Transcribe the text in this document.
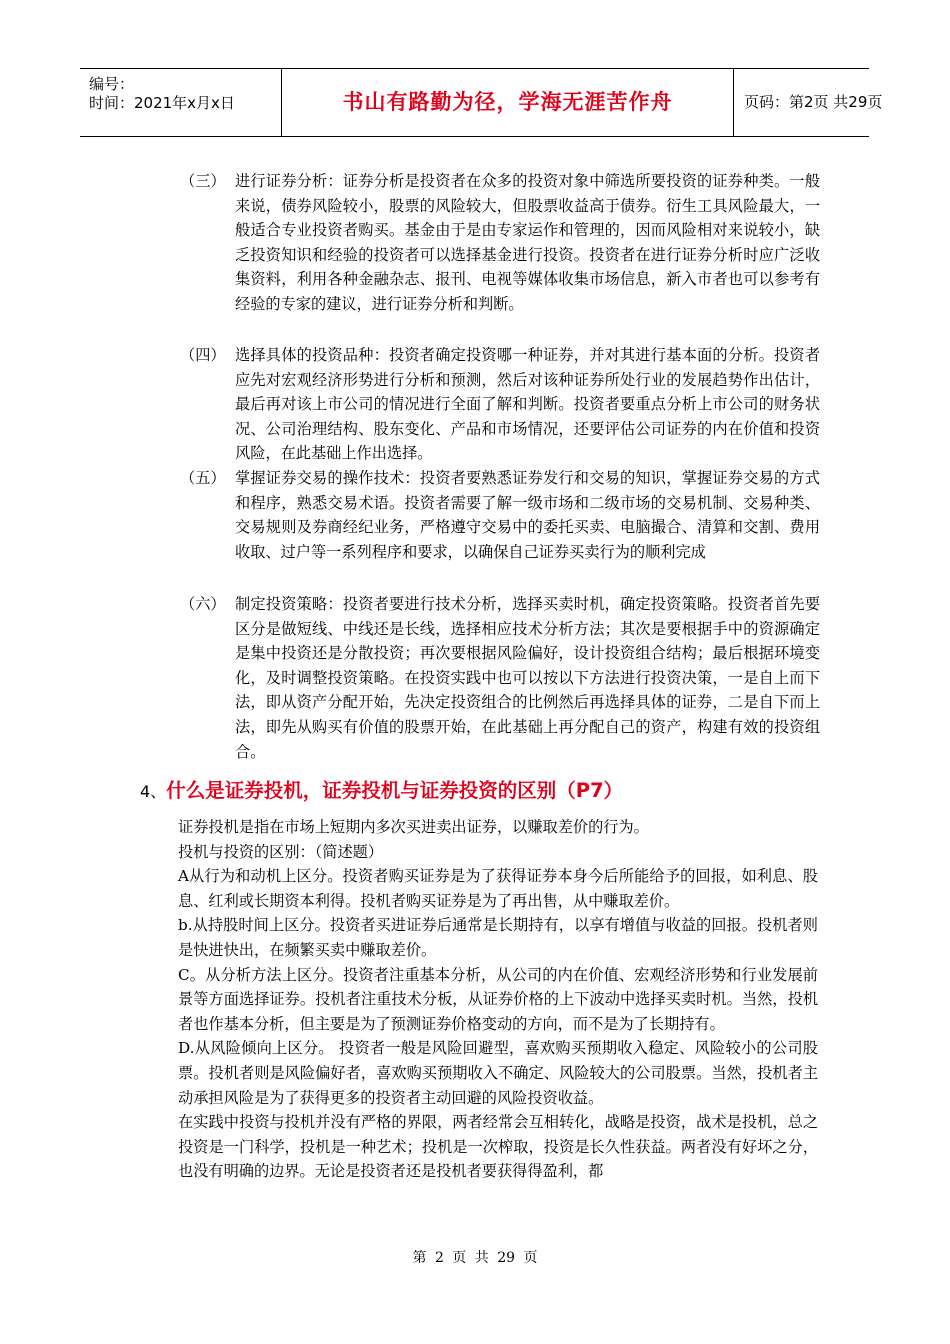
编号：
时间：2021年x月x日	书山有路勤为径，学海无涯苦作舟	页码：第2页 共29页
（三） 进行证券分析：证券分析是投资者在众多的投资对象中筛选所要投资的证券种类。一般来说，债券风险较小，股票的风险较大，但股票收益高于债券。衍生工具风险最大，一般适合专业投资者购买。基金由于是由专家运作和管理的，因而风险相对来说较小，缺乏投资知识和经验的投资者可以选择基金进行投资。投资者在进行证券分析时应广泛收集资料，利用各种金融杂志、报刊、电视等媒体收集市场信息，新入市者也可以参考有经验的专家的建议，进行证券分析和判断。
（四） 选择具体的投资品种：投资者确定投资哪一种证券，并对其进行基本面的分析。投资者应先对宏观经济形势进行分析和预测，然后对该种证券所处行业的发展趋势作出估计，最后再对该上市公司的情况进行全面了解和判断。投资者要重点分析上市公司的财务状况、公司治理结构、股东变化、产品和市场情况，还要评估公司证券的内在价值和投资风险，在此基础上作出选择。
（五） 掌握证券交易的操作技术：投资者要熟悉证券发行和交易的知识，掌握证券交易的方式和程序，熟悉交易术语。投资者需要了解一级市场和二级市场的交易机制、交易种类、交易规则及券商经纪业务，严格遵守交易中的委托买卖、电脑撮合、清算和交割、费用收取、过户等一系列程序和要求，以确保自己证券买卖行为的顺利完成
（六） 制定投资策略：投资者要进行技术分析，选择买卖时机，确定投资策略。投资者首先要区分是做短线、中线还是长线，选择相应技术分析方法；其次是要根据手中的资源确定是集中投资还是分散投资；再次要根据风险偏好，设计投资组合结构；最后根据环境变化，及时调整投资策略。在投资实践中也可以按以下方法进行投资决策，一是自上而下法，即从资产分配开始，先决定投资组合的比例然后再选择具体的证券，二是自下而上法，即先从购买有价值的股票开始，在此基础上再分配自己的资产，构建有效的投资组合。
4、什么是证券投机，证券投机与证券投资的区别（P7）

证券投机是指在市场上短期内多次买进卖出证券，以赚取差价的行为。

投机与投资的区别：（简述题）

A从行为和动机上区分。投资者购买证券是为了获得证券本身今后所能给予的回报，如利息、股息、红利或长期资本利得。投机者购买证券是为了再出售，从中赚取差价。

b.从持股时间上区分。投资者买进证券后通常是长期持有，以享有增值与收益的回报。投机者则是快进快出，在频繁买卖中赚取差价。

C。从分析方法上区分。投资者注重基本分析，从公司的内在价值、宏观经济形势和行业发展前景等方面选择证券。投机者注重技术分板，从证券价格的上下波动中选择买卖时机。当然，投机者也作基本分析，但主要是为了预测证券价格变动的方向，而不是为了长期持有。

D.从风险倾向上区分。 投资者一般是风险回避型，喜欢购买预期收入稳定、风险较小的公司股票。投机者则是风险偏好者，喜欢购买预期收入不确定、风险较大的公司股票。当然，投机者主动承担风险是为了获得更多的投资者主动回避的风险投资收益。

在实践中投资与投机并没有严格的界限，两者经常会互相转化，战略是投资，战术是投机，总之投资是一门科学，投机是一种艺术；投机是一次榨取，投资是长久性获益。两者没有好坏之分，也没有明确的边界。无论是投资者还是投机者要获得得盈利，都

第 2 页 共 29 页
